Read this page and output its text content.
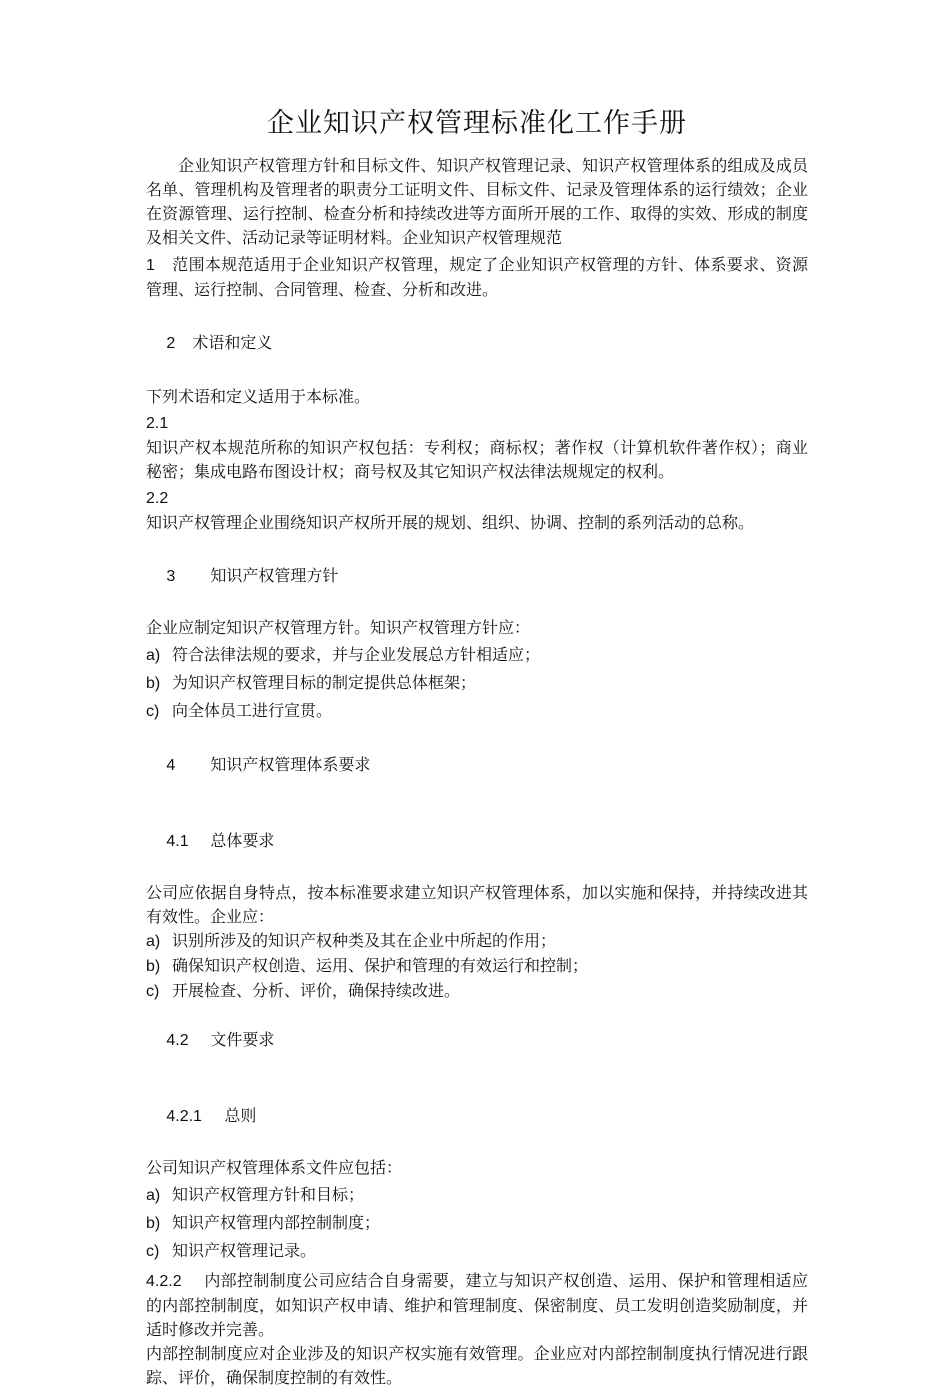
企业知识产权管理标准化工作手册

企业知识产权管理方针和目标文件、知识产权管理记录、知识产权管理体系的组成及成员名单、管理机构及管理者的职责分工证明文件、目标文件、记录及管理体系的运行绩效；企业在资源管理、运行控制、检查分析和持续改进等方面所开展的工作、取得的实效、形成的制度及相关文件、活动记录等证明材料。企业知识产权管理规范

1 范围本规范适用于企业知识产权管理，规定了企业知识产权管理的方针、体系要求、资源管理、运行控制、合同管理、检查、分析和改进。

2 术语和定义

下列术语和定义适用于本标准。

2.1

知识产权本规范所称的知识产权包括：专利权；商标权；著作权（计算机软件著作权）；商业秘密；集成电路布图设计权；商号权及其它知识产权法律法规规定的权利。

2.2

知识产权管理企业围绕知识产权所开展的规划、组织、协调、控制的系列活动的总称。

3 知识产权管理方针

企业应制定知识产权管理方针。知识产权管理方针应：

a) 符合法律法规的要求，并与企业发展总方针相适应；

b) 为知识产权管理目标的制定提供总体框架；

c) 向全体员工进行宣贯。

4 知识产权管理体系要求

4.1 总体要求

公司应依据自身特点，按本标准要求建立知识产权管理体系，加以实施和保持，并持续改进其有效性。企业应：

a) 识别所涉及的知识产权种类及其在企业中所起的作用；

b) 确保知识产权创造、运用、保护和管理的有效运行和控制；

c) 开展检查、分析、评价，确保持续改进。

4.2 文件要求

4.2.1 总则

公司知识产权管理体系文件应包括：

a) 知识产权管理方针和目标；

b) 知识产权管理内部控制制度；

c) 知识产权管理记录。

4.2.2 内部控制制度公司应结合自身需要，建立与知识产权创造、运用、保护和管理相适应的内部控制制度，如知识产权申请、维护和管理制度、保密制度、员工发明创造奖励制度，并适时修改并完善。

内部控制制度应对企业涉及的知识产权实施有效管理。企业应对内部控制制度执行情况进行跟踪、评价，确保制度控制的有效性。
